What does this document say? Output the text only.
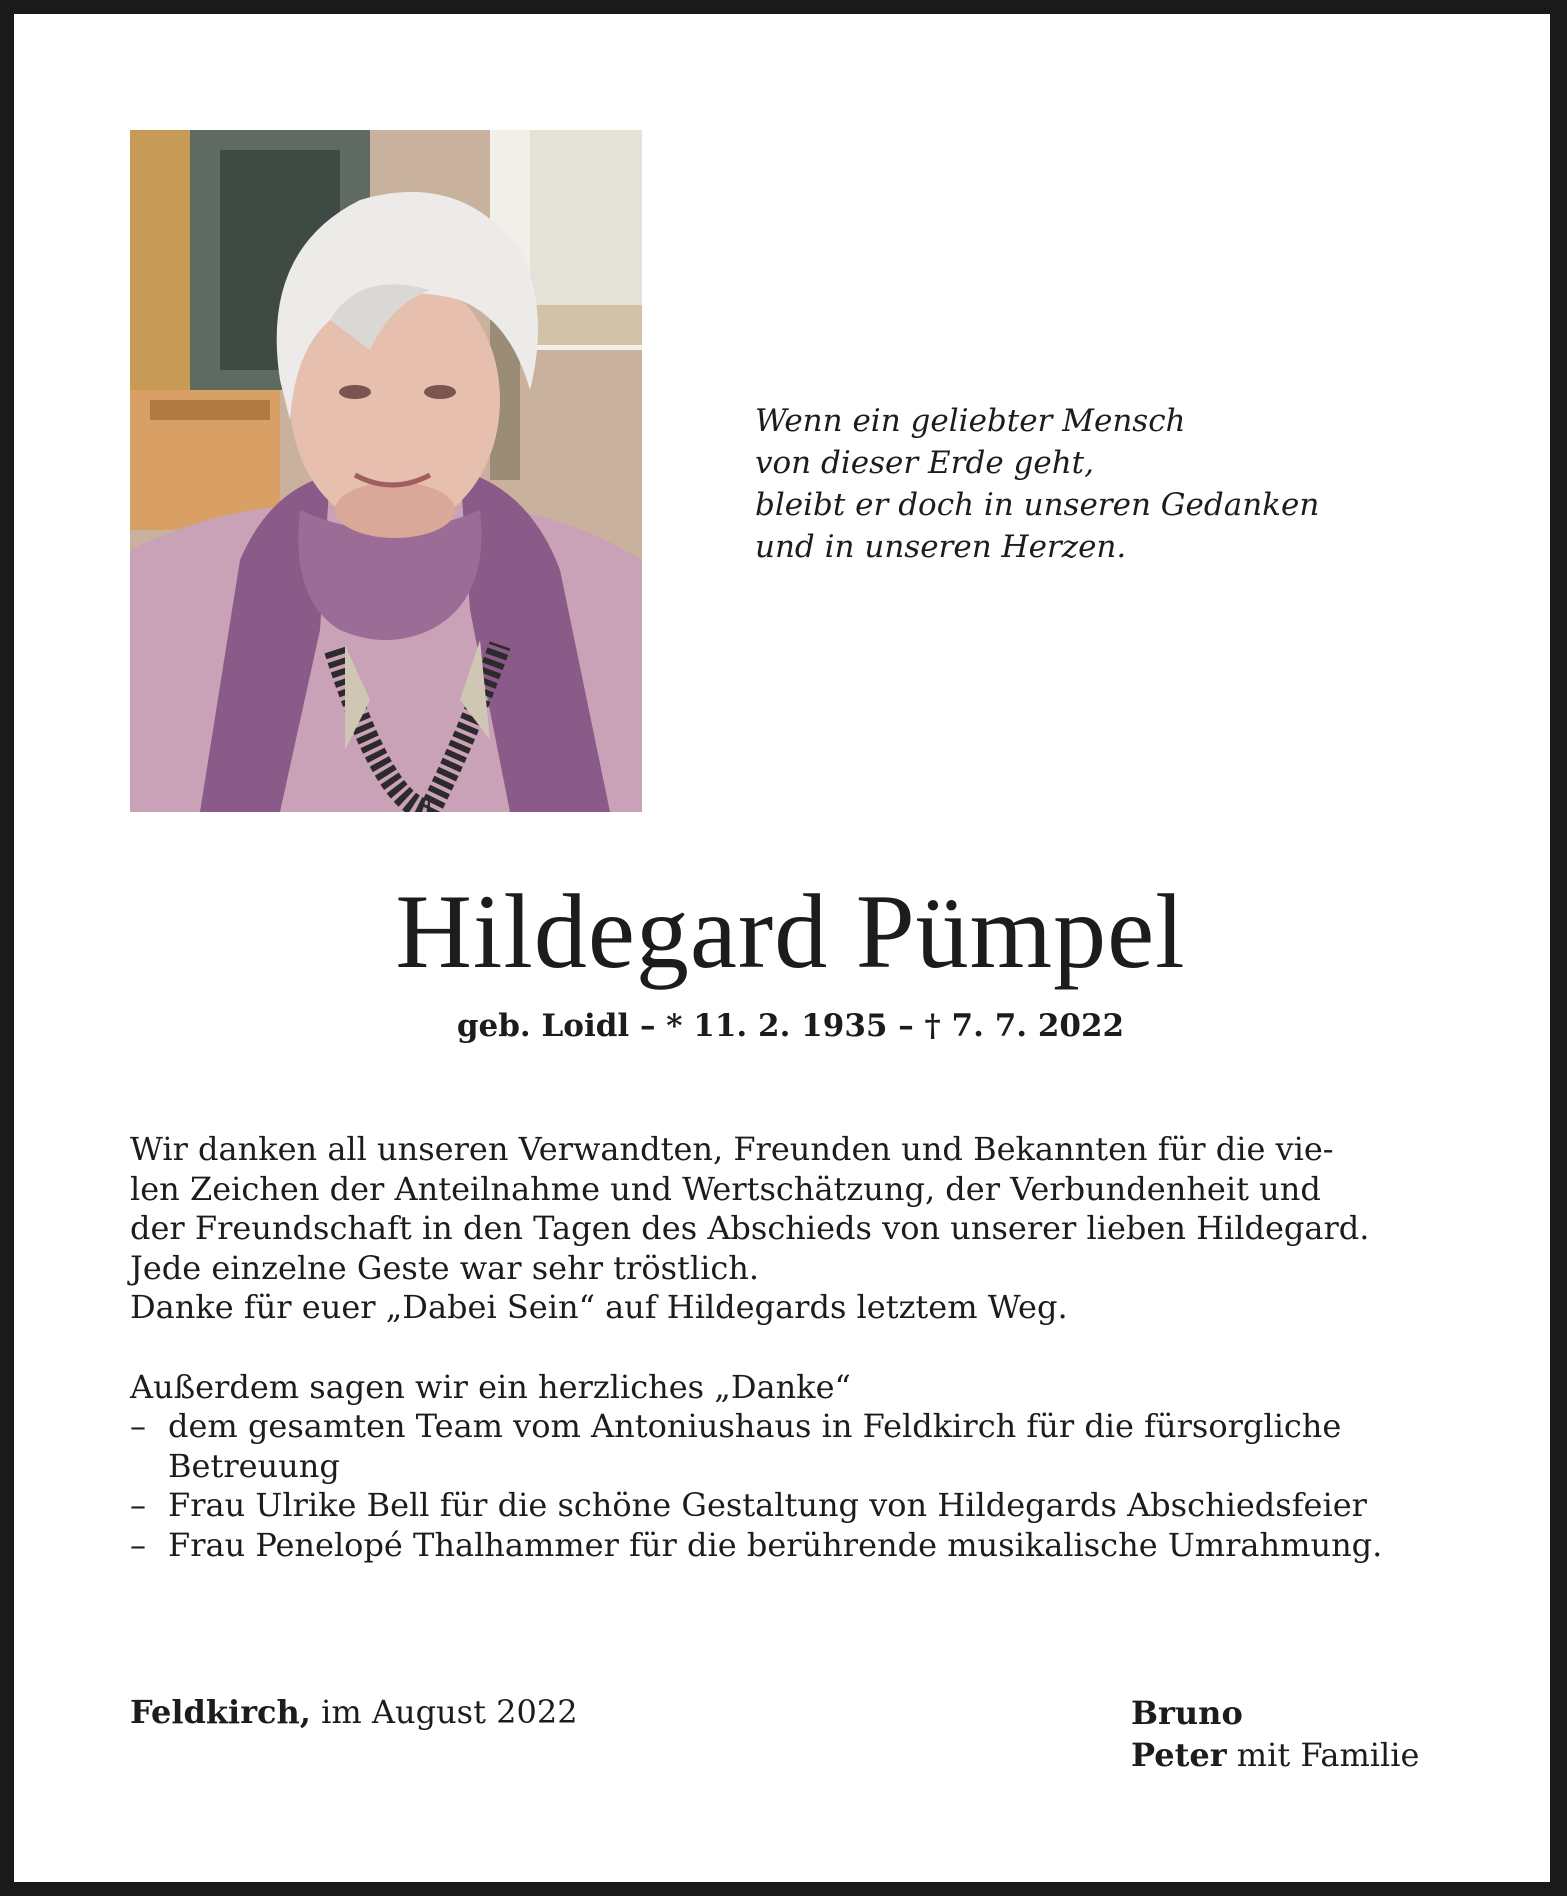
Wenn ein geliebter Mensch
von dieser Erde geht,
bleibt er doch in unseren Gedanken
und in unseren Herzen.
Hildegard Pümpel
geb. Loidl – * 11. 2. 1935 – † 7. 7. 2022
Wir danken all unseren Verwandten, Freunden und Bekannten für die vie-
len Zeichen der Anteilnahme und Wertschätzung, der Verbundenheit und
der Freundschaft in den Tagen des Abschieds von unserer lieben Hildegard.
Jede einzelne Geste war sehr tröstlich.
Danke für euer „Dabei Sein“ auf Hildegards letztem Weg.
Außerdem sagen wir ein herzliches „Danke“
– dem gesamten Team vom Antoniushaus in Feldkirch für die fürsorgliche
Betreuung
– Frau Ulrike Bell für die schöne Gestaltung von Hildegards Abschiedsfeier
– Frau Penelopé Thalhammer für die berührende musikalische Umrahmung.
Feldkirch, im August 2022	Bruno
Peter mit Familie
